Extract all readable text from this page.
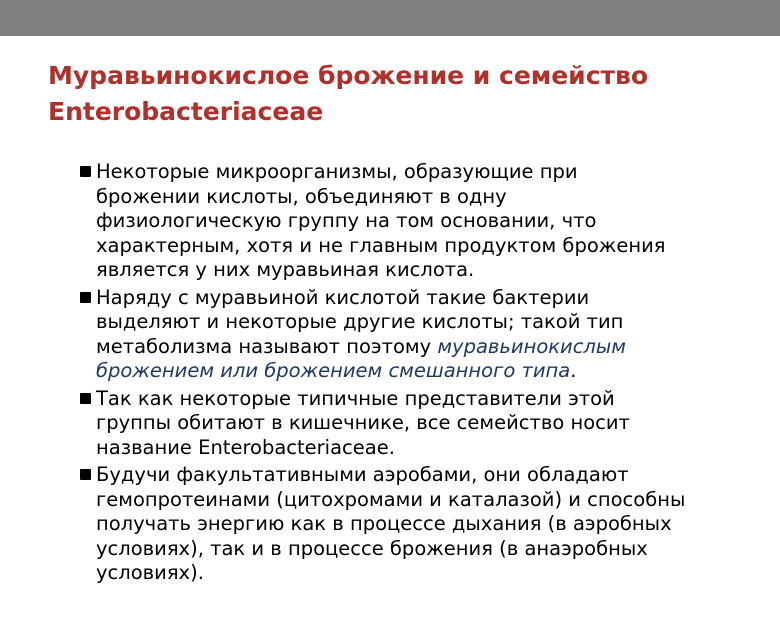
Муравьинокислое брожение и семейство
Enterobacteriaceae
Некоторые микроорганизмы, образующие при
брожении кислоты, объединяют в одну
физиологическую группу на том основании, что
характерным, хотя и не главным продуктом брожения
является у них муравьиная кислота.
Наряду с муравьиной кислотой такие бактерии
выделяют и некоторые другие кислоты; такой тип
метаболизма называют поэтому муравьинокислым
брожением или брожением смешанного типа.
Так как некоторые типичные представители этой
группы обитают в кишечнике, все семейство носит
название Enterobacteriaceae.
Будучи факультативными аэробами, они обладают
гемопротеинами (цитохромами и каталазой) и способны
получать энергию как в процессе дыхания (в аэробных
условиях), так и в процессе брожения (в анаэробных
условиях).
